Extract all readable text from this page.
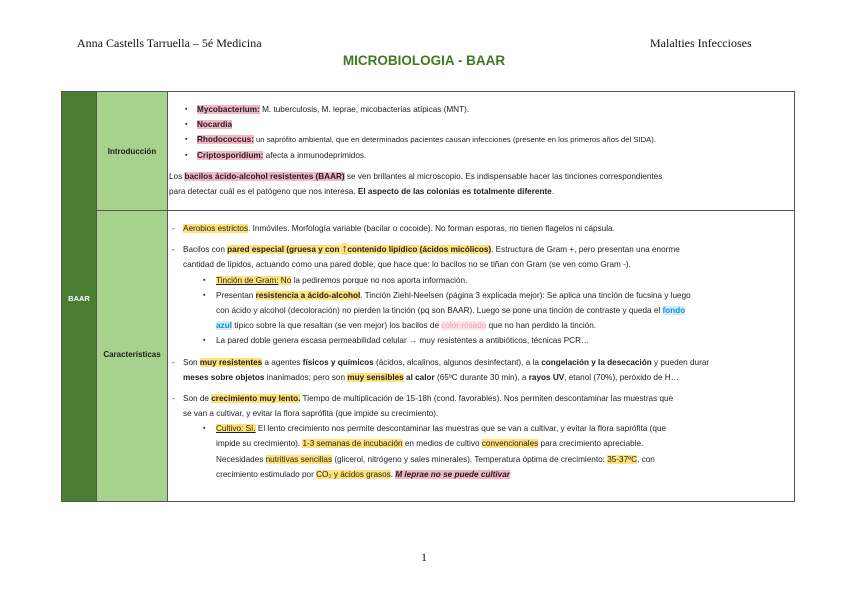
Anna Castells Tarruella – 5é Medicina	Malalties Infeccioses
MICROBIOLOGIA - BAAR
BAAR
Introducción
Características
▪ Mycobacterium: M. tuberculosis, M. leprae, micobacterias atípicas (MNT).
▪ Nocardia
▪ Rhodococcus: un saprófito ambiental, que en determinados pacientes causan infecciones (presente en los primeros años del SIDA).
▪ Criptosporidium: afecta a inmunodeprimidos.
Los bacilos ácido-alcohol resistentes (BAAR) se ven brillantes al microscopio. Es indispensable hacer las tinciones correspondientes
para detectar cuál es el patógeno que nos interesa. El aspecto de las colonias es totalmente diferente.
- Aerobios estrictos. Inmóviles. Morfología variable (bacilar o cocoide). No forman esporas, no tienen flagelos ni cápsula.
- Bacilos con pared especial (gruesa y con ↑contenido lipídico (ácidos micólicos). Estructura de Gram +, pero presentan una enorme
cantidad de lípidos, actuando como una pared doble, que hace que: lo bacilos no se tiñan con Gram (se ven como Gram -).
▪ Tinción de Gram: No la pediremos porque no nos aporta información.
▪ Presentan resistencia a ácido-alcohol. Tinción Ziehl-Neelsen (página 3 explicada mejor): Se aplica una tinción de fucsina y luego
con ácido y alcohol (decoloración) no pierden la tinción (pq son BAAR). Luego se pone una tinción de contraste y queda el fondo
azul típico sobre la que resaltan (se ven mejor) los bacilos de color rosado que no han perdido la tinción.
▪ La pared doble genera escasa permeabilidad celular → muy resistentes a antibióticos, técnicas PCR…
- Son muy resistentes a agentes físicos y químicos (ácidos, alcalinos, algunos desinfectant), a la congelación y la desecación y pueden durar
meses sobre objetos inanimados; pero son muy sensibles al calor (65ºC durante 30 min), a rayos UV, etanol (70%), peróxido de H…
- Son de crecimiento muy lento. Tiempo de multiplicación de 15-18h (cond. favorables). Nos permiten descontaminar las muestras que
se van a cultivar, y evitar la flora saprófita (que impide su crecimiento).
▪ Cultivo: Sí. El lento crecimiento nos permite descontaminar las muestras que se van a cultivar, y evitar la flora saprófita (que
impide su crecimiento). 1-3 semanas de incubación en medios de cultivo convencionales para crecimiento apreciable.
Necesidades nutritivas sencillas (glicerol, nitrógeno y sales minerales). Temperatura óptima de crecimiento: 35-37ºC, con
crecimiento estimulado por CO₂ y ácidos grasos. M leprae no se puede cultivar
1
